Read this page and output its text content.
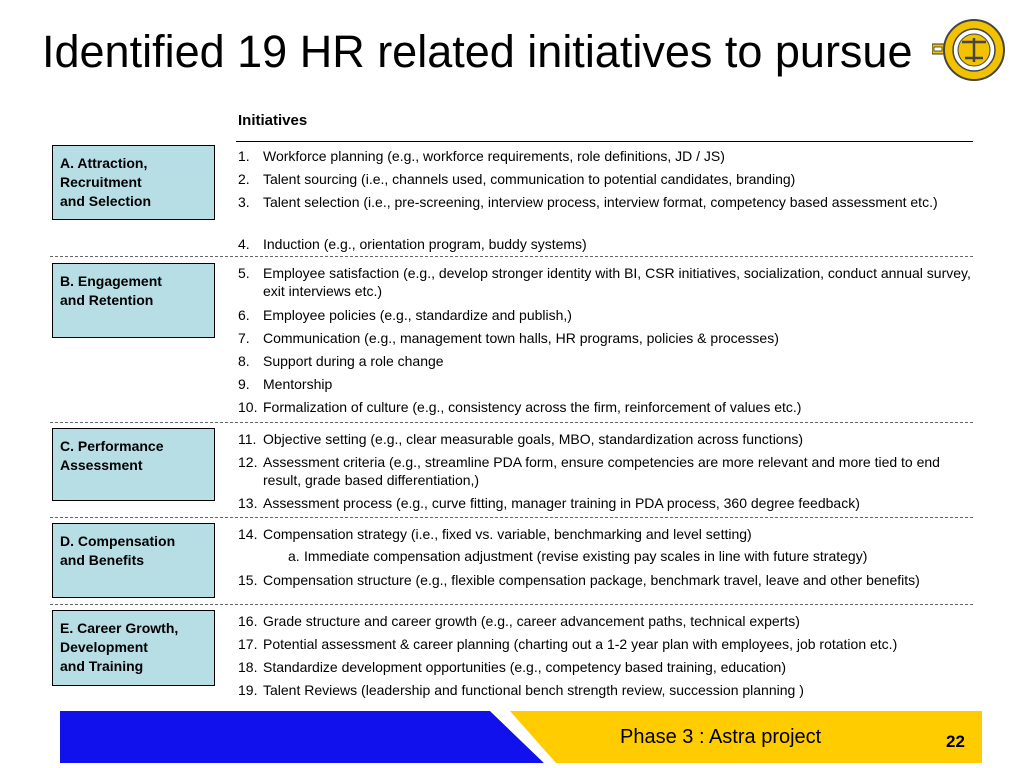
Identified 19 HR related initiatives to pursue
Initiatives
A. Attraction,
Recruitment
and Selection
B. Engagement
and Retention
C. Performance
Assessment
D. Compensation
and Benefits
E. Career Growth,
Development
and Training
1. Workforce planning (e.g., workforce requirements, role definitions, JD / JS)
2. Talent sourcing (i.e., channels used, communication to potential candidates, branding)
3. Talent selection (i.e., pre-screening, interview process, interview format, competency based assessment etc.)
4. Induction (e.g., orientation program, buddy systems)
5. Employee satisfaction (e.g., develop stronger identity with BI, CSR initiatives, socialization, conduct annual survey, exit interviews etc.)
6. Employee policies (e.g., standardize and publish,)
7. Communication (e.g., management town halls, HR programs, policies & processes)
8. Support during a role change
9. Mentorship
10. Formalization of culture (e.g., consistency across the firm, reinforcement of values etc.)
11. Objective setting (e.g., clear measurable goals, MBO, standardization across functions)
12. Assessment criteria (e.g., streamline PDA form, ensure competencies are more relevant and more tied to end result, grade based differentiation,)
13. Assessment process (e.g., curve fitting, manager training in PDA process, 360 degree feedback)
14. Compensation strategy (i.e., fixed vs. variable, benchmarking and level setting)
a. Immediate compensation adjustment (revise existing pay scales in line with future strategy)
15. Compensation structure (e.g., flexible compensation package, benchmark travel, leave and other benefits)
16. Grade structure and career growth (e.g., career advancement paths, technical experts)
17. Potential assessment & career planning (charting out a 1-2 year plan with employees, job rotation etc.)
18. Standardize development opportunities (e.g., competency based training, education)
19. Talent Reviews (leadership and functional bench strength review, succession planning )
Phase 3 : Astra project	22
